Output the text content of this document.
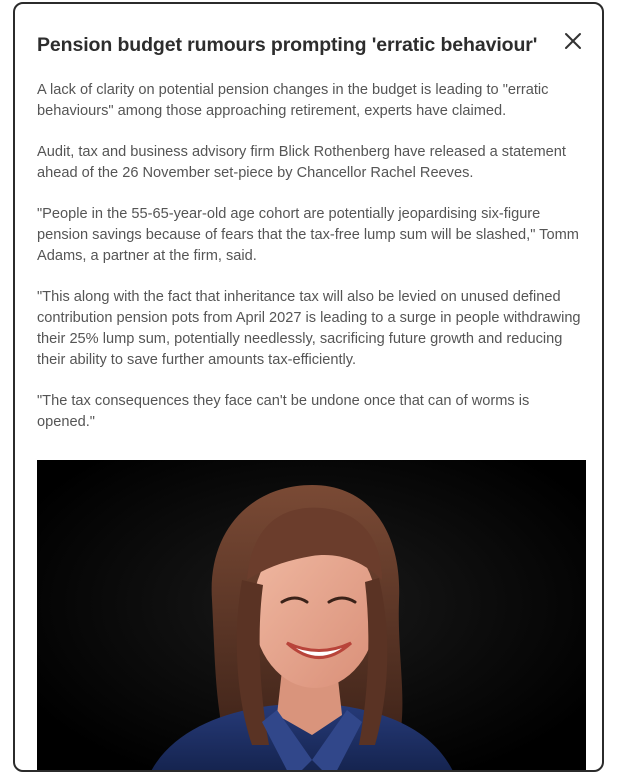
Pension budget rumours prompting 'erratic behaviour'

A lack of clarity on potential pension changes in the budget is leading to "erratic behaviours" among those approaching retirement, experts have claimed.

Audit, tax and business advisory firm Blick Rothenberg have released a statement ahead of the 26 November set-piece by Chancellor Rachel Reeves.

"People in the 55-65-year-old age cohort are potentially jeopardising six-figure pension savings because of fears that the tax-free lump sum will be slashed," Tomm Adams, a partner at the firm, said.

"This along with the fact that inheritance tax will also be levied on unused defined contribution pension pots from April 2027 is leading to a surge in people withdrawing their 25% lump sum, potentially needlessly, sacrificing future growth and reducing their ability to save further amounts tax-efficiently.

"The tax consequences they face can't be undone once that can of worms is opened."
